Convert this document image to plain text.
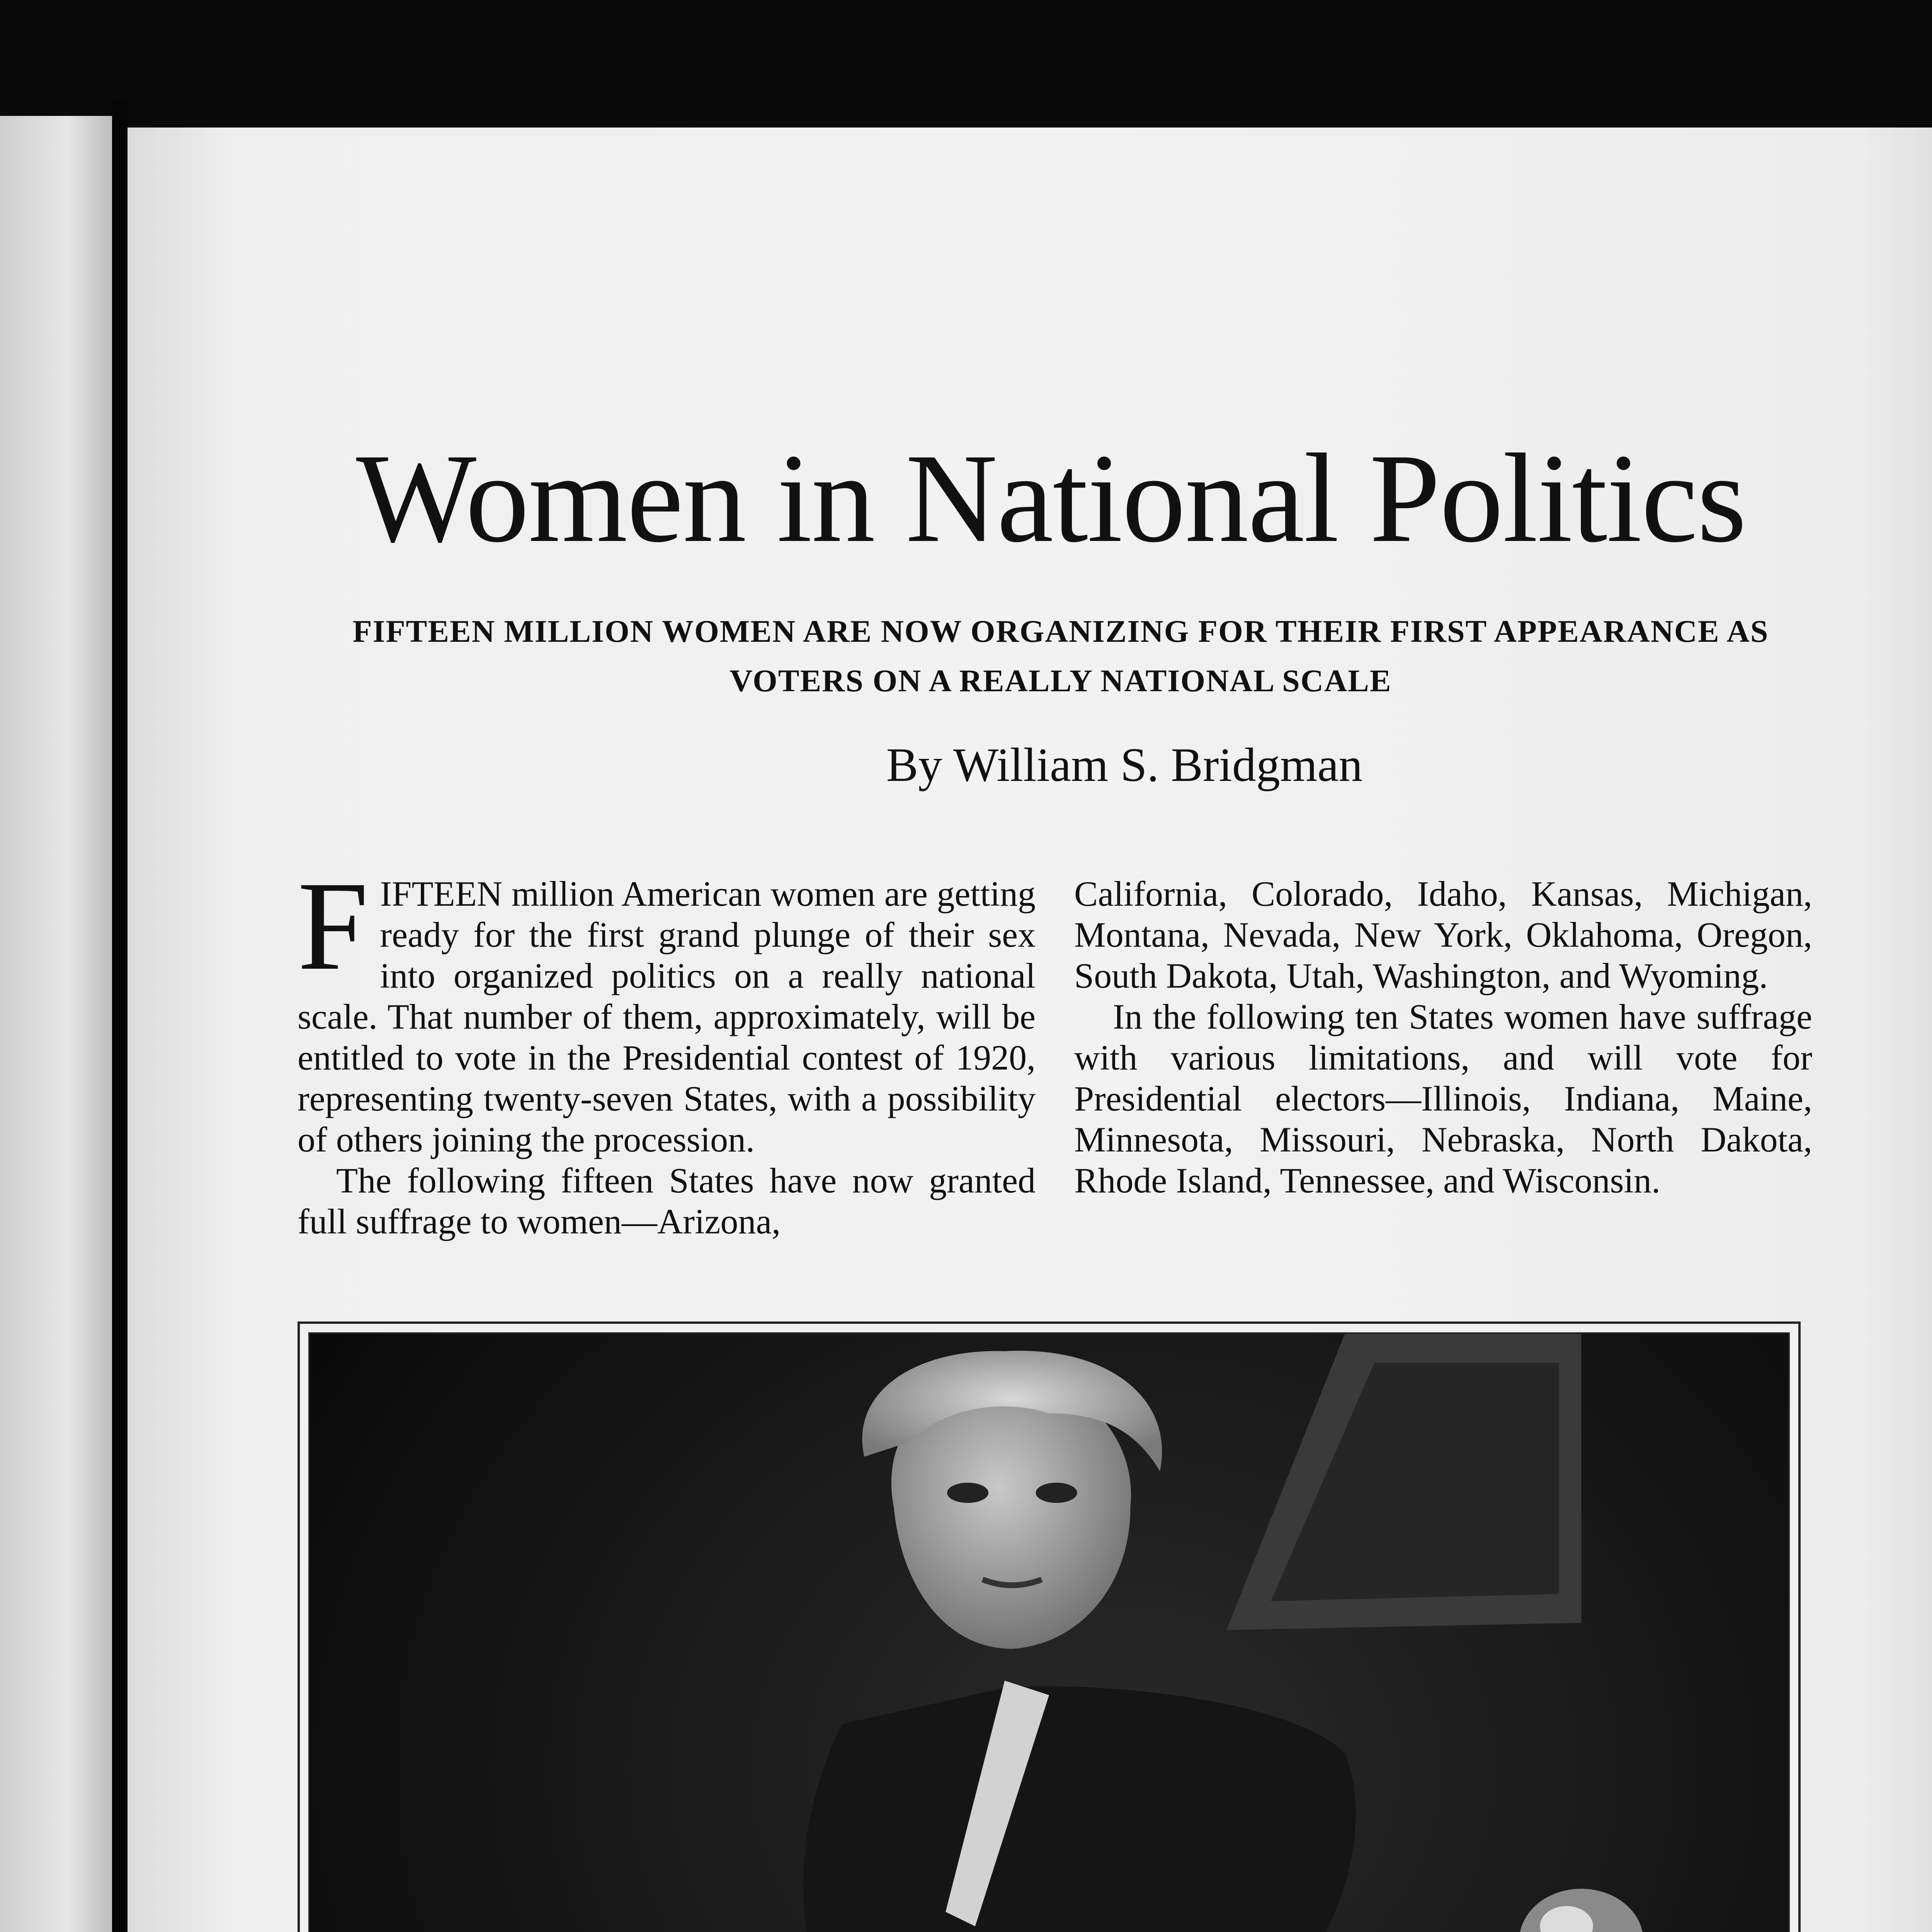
Women in National Politics
FIFTEEN MILLION WOMEN ARE NOW ORGANIZING FOR THEIR FIRST APPEARANCE AS VOTERS ON A REALLY NATIONAL SCALE
By William S. Bridgman

FIFTEEN million American women are getting ready for the first grand plunge of their sex into organized politics on a really national scale. That number of them, approximately, will be entitled to vote in the Presidential contest of 1920, representing twenty-seven States, with a possibility of others joining the procession.

The following fifteen States have now granted full suffrage to women—Arizona,

California, Colorado, Idaho, Kansas, Michigan, Montana, Nevada, New York, Oklahoma, Oregon, South Dakota, Utah, Washington, and Wyoming.

In the following ten States women have suffrage with various limitations, and will vote for Presidential electors—Illinois, Indiana, Maine, Minnesota, Missouri, Nebraska, North Dakota, Rhode Island, Tennessee, and Wisconsin.
